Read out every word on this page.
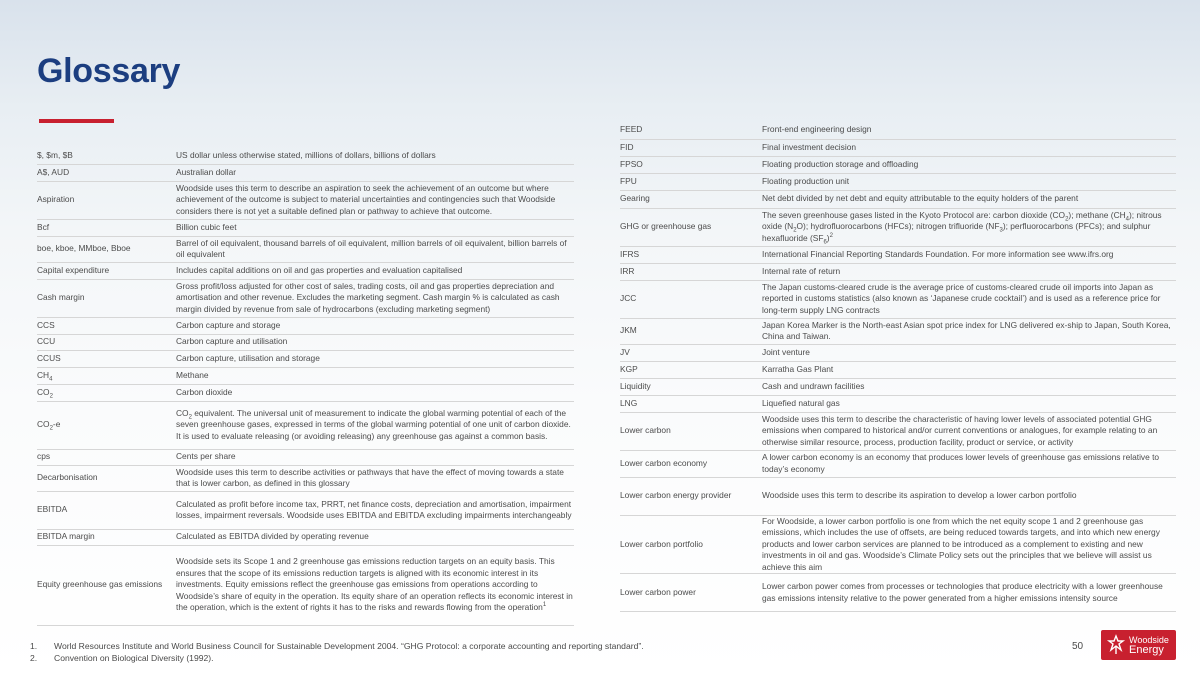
Glossary
$, $m, $B	US dollar unless otherwise stated, millions of dollars, billions of dollars
A$, AUD	Australian dollar
Aspiration	Woodside uses this term to describe an aspiration to seek the achievement of an outcome but where achievement of the outcome is subject to material uncertainties and contingencies such that Woodside considers there is not yet a suitable defined plan or pathway to achieve that outcome.
Bcf	Billion cubic feet
boe, kboe, MMboe, Bboe	Barrel of oil equivalent, thousand barrels of oil equivalent, million barrels of oil equivalent, billion barrels of oil equivalent
Capital expenditure	Includes capital additions on oil and gas properties and evaluation capitalised
Cash margin	Gross profit/loss adjusted for other cost of sales, trading costs, oil and gas properties depreciation and amortisation and other revenue. Excludes the marketing segment. Cash margin % is calculated as cash margin divided by revenue from sale of hydrocarbons (excluding marketing segment)
CCS	Carbon capture and storage
CCU	Carbon capture and utilisation
CCUS	Carbon capture, utilisation and storage
$CH_4$	Methane
$CO_2$	Carbon dioxide
$CO_2-e$	$CO_2$ equivalent. The universal unit of measurement to indicate the global warming potential of each of the seven greenhouse gases, expressed in terms of the global warming potential of one unit of carbon dioxide. It is used to evaluate releasing (or avoiding releasing) any greenhouse gas against a common basis.
cps	Cents per share
Decarbonisation	Woodside uses this term to describe activities or pathways that have the effect of moving towards a state that is lower carbon, as defined in this glossary
EBITDA	Calculated as profit before income tax, PRRT, net finance costs, depreciation and amortisation, impairment losses, impairment reversals. Woodside uses EBITDA and EBITDA excluding impairments interchangeably
EBITDA margin	Calculated as EBITDA divided by operating revenue
Equity greenhouse gas emissions	Woodside sets its Scope 1 and 2 greenhouse gas emissions reduction targets on an equity basis. This ensures that the scope of its emissions reduction targets is aligned with its economic interest in its investments. Equity emissions reflect the greenhouse gas emissions from operations according to Woodside’s share of equity in the operation. Its equity share of an operation reflects its economic interest in the operation, which is the extent of rights it has to the risks and rewards flowing from the operation$^1$
FEED	Front-end engineering design
FID	Final investment decision
FPSO	Floating production storage and offloading
FPU	Floating production unit
Gearing	Net debt divided by net debt and equity attributable to the equity holders of the parent
GHG or greenhouse gas	The seven greenhouse gases listed in the Kyoto Protocol are: carbon dioxide $(CO_2)$; methane $(CH_4)$; nitrous oxide $(N_2O)$; hydrofluorocarbons (HFCs); nitrogen trifluoride $(NF_3)$; perfluorocarbons (PFCs); and sulphur hexafluoride $(SF_6)^2$
IFRS	International Financial Reporting Standards Foundation. For more information see www.ifrs.org
IRR	Internal rate of return
JCC	The Japan customs-cleared crude is the average price of customs-cleared crude oil imports into Japan as reported in customs statistics (also known as ‘Japanese crude cocktail’) and is used as a reference price for long-term supply LNG contracts
JKM	Japan Korea Marker is the North-east Asian spot price index for LNG delivered ex-ship to Japan, South Korea, China and Taiwan.
JV	Joint venture
KGP	Karratha Gas Plant
Liquidity	Cash and undrawn facilities
LNG	Liquefied natural gas
Lower carbon	Woodside uses this term to describe the characteristic of having lower levels of associated potential GHG emissions when compared to historical and/or current conventions or analogues, for example relating to an otherwise similar resource, process, production facility, product or service, or activity
Lower carbon economy	A lower carbon economy is an economy that produces lower levels of greenhouse gas emissions relative to today’s economy
Lower carbon energy provider	Woodside uses this term to describe its aspiration to develop a lower carbon portfolio
Lower carbon portfolio	For Woodside, a lower carbon portfolio is one from which the net equity scope 1 and 2 greenhouse gas emissions, which includes the use of offsets, are being reduced towards targets, and into which new energy products and lower carbon services are planned to be introduced as a complement to existing and new investments in oil and gas. Woodside’s Climate Policy sets out the principles that we believe will assist us achieve this aim
Lower carbon power	Lower carbon power comes from processes or technologies that produce electricity with a lower greenhouse gas emissions intensity relative to the power generated from a higher emissions intensity source
1.	World Resources Institute and World Business Council for Sustainable Development 2004. “GHG Protocol: a corporate accounting and reporting standard”.
2.	Convention on Biological Diversity (1992).
50
Woodside
Energy
